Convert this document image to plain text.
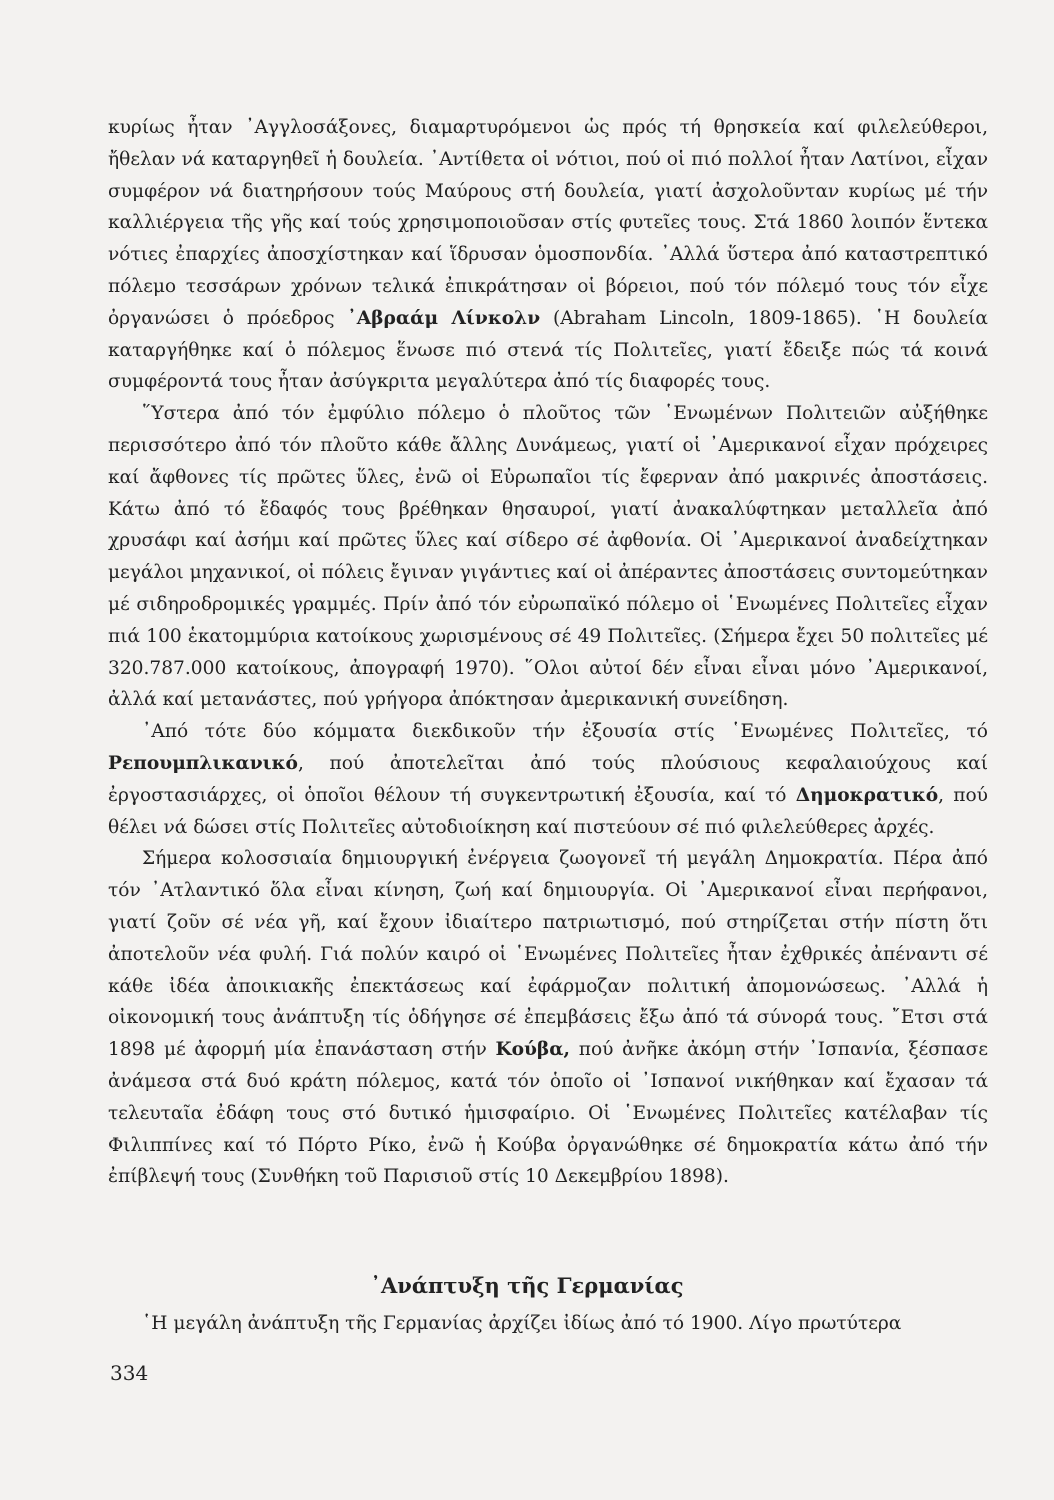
κυρίως ἦταν ᾿Αγγλοσάξονες, διαμαρτυρόμενοι ὡς πρός τή θρησκεία καί φιλελεύθεροι, ἤθελαν νά καταργηθεῖ ἡ δουλεία. ᾿Αντίθετα οἱ νότιοι, πού οἱ πιό πολλοί ἦταν Λατίνοι, εἶχαν συμφέρον νά διατηρήσουν τούς Μαύρους στή δουλεία, γιατί ἀσχολοῦνταν κυρίως μέ τήν καλλιέργεια τῆς γῆς καί τούς χρησιμοποιοῦσαν στίς φυτεῖες τους. Στά 1860 λοιπόν ἕντεκα νότιες ἐπαρχίες ἀποσχίστηκαν καί ἵδρυσαν ὁμοσπονδία. ᾿Αλλά ὕστερα ἀπό καταστρεπτικό πόλεμο τεσσάρων χρόνων τελικά ἐπικράτησαν οἱ βόρειοι, πού τόν πόλεμό τους τόν εἶχε ὀργανώσει ὁ πρόεδρος ᾿Αβραάμ Λίνκολν (Abraham Lincoln, 1809-1865). ῾Η δουλεία καταργήθηκε καί ὁ πόλεμος ἕνωσε πιό στενά τίς Πολιτεῖες, γιατί ἔδειξε πώς τά κοινά συμφέροντά τους ἦταν ἀσύγκριτα μεγαλύτερα ἀπό τίς διαφορές τους.

῞Υστερα ἀπό τόν ἐμφύλιο πόλεμο ὁ πλοῦτος τῶν ῾Ενωμένων Πολιτειῶν αὐξήθηκε περισσότερο ἀπό τόν πλοῦτο κάθε ἄλλης Δυνάμεως, γιατί οἱ ᾿Αμερικανοί εἶχαν πρόχειρες καί ἄφθονες τίς πρῶτες ὕλες, ἐνῶ οἱ Εὐρωπαῖοι τίς ἔφερναν ἀπό μακρινές ἀποστάσεις. Κάτω ἀπό τό ἔδαφός τους βρέθηκαν θησαυροί, γιατί ἀνακαλύφτηκαν μεταλλεῖα ἀπό χρυσάφι καί ἀσήμι καί πρῶτες ὕλες καί σίδερο σέ ἀφθονία. Οἱ ᾿Αμερικανοί ἀναδείχτηκαν μεγάλοι μηχανικοί, οἱ πόλεις ἔγιναν γιγάντιες καί οἱ ἀπέραντες ἀποστάσεις συντομεύτηκαν μέ σιδηροδρομικές γραμμές. Πρίν ἀπό τόν εὐρωπαϊκό πόλεμο οἱ ῾Ενωμένες Πολιτεῖες εἶχαν πιά 100 ἑκατομμύρια κατοίκους χωρισμένους σέ 49 Πολιτεῖες. (Σήμερα ἔχει 50 πολιτεῖες μέ 320.787.000 κατοίκους, ἀπογραφή 1970). ῞Ολοι αὐτοί δέν εἶναι εἶναι μόνο ᾿Αμερικανοί, ἀλλά καί μετανάστες, πού γρήγορα ἀπόκτησαν ἀμερικανική συνείδηση.

᾿Από τότε δύο κόμματα διεκδικοῦν τήν ἐξουσία στίς ῾Ενωμένες Πολιτεῖες, τό Ρεπουμπλικανικό, πού ἀποτελεῖται ἀπό τούς πλούσιους κεφαλαιούχους καί ἐργοστασιάρχες, οἱ ὁποῖοι θέλουν τή συγκεντρωτική ἐξουσία, καί τό Δημοκρατικό, πού θέλει νά δώσει στίς Πολιτεῖες αὐτοδιοίκηση καί πιστεύουν σέ πιό φιλελεύθερες ἀρχές.

Σήμερα κολοσσιαία δημιουργική ἐνέργεια ζωογονεῖ τή μεγάλη Δημοκρατία. Πέρα ἀπό τόν ᾿Ατλαντικό ὅλα εἶναι κίνηση, ζωή καί δημιουργία. Οἱ ᾿Αμερικανοί εἶναι περήφανοι, γιατί ζοῦν σέ νέα γῆ, καί ἔχουν ἰδιαίτερο πατριωτισμό, πού στηρίζεται στήν πίστη ὅτι ἀποτελοῦν νέα φυλή. Γιά πολύν καιρό οἱ ῾Ενωμένες Πολιτεῖες ἦταν ἐχθρικές ἀπέναντι σέ κάθε ἰδέα ἀποικιακῆς ἐπεκτάσεως καί ἐφάρμοζαν πολιτική ἀπομονώσεως. ᾿Αλλά ἡ οἰκονομική τους ἀνάπτυξη τίς ὁδήγησε σέ ἐπεμβάσεις ἔξω ἀπό τά σύνορά τους. ῎Ετσι στά 1898 μέ ἀφορμή μία ἐπανάσταση στήν Κούβα, πού ἀνῆκε ἀκόμη στήν ᾿Ισπανία, ξέσπασε ἀνάμεσα στά δυό κράτη πόλεμος, κατά τόν ὁποῖο οἱ ᾿Ισπανοί νικήθηκαν καί ἔχασαν τά τελευταῖα ἐδάφη τους στό δυτικό ἡμισφαίριο. Οἱ ῾Ενωμένες Πολιτεῖες κατέλαβαν τίς Φιλιππίνες καί τό Πόρτο Ρίκο, ἐνῶ ἡ Κούβα ὀργανώθηκε σέ δημοκρατία κάτω ἀπό τήν ἐπίβλεψή τους (Συνθήκη τοῦ Παρισιοῦ στίς 10 Δεκεμβρίου 1898).

᾿Ανάπτυξη τῆς Γερμανίας
῾Η μεγάλη ἀνάπτυξη τῆς Γερμανίας ἀρχίζει ἰδίως ἀπό τό 1900. Λίγο πρωτύτερα
334
